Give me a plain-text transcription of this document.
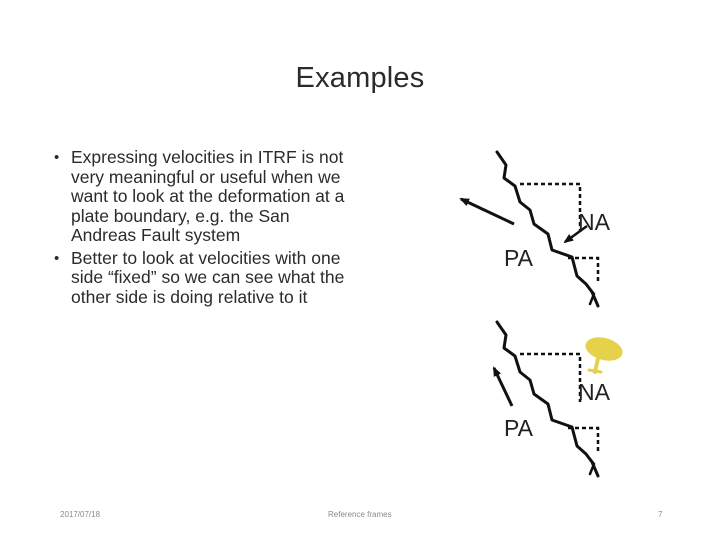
Examples
• Expressing velocities in ITRF is not very meaningful or useful when we want to look at the deformation at a plate boundary, e.g. the San Andreas Fault system
• Better to look at velocities with one side “fixed” so we can see what the other side is doing relative to it
PA
NA
PA
NA
2017/07/18	Reference frames	7
